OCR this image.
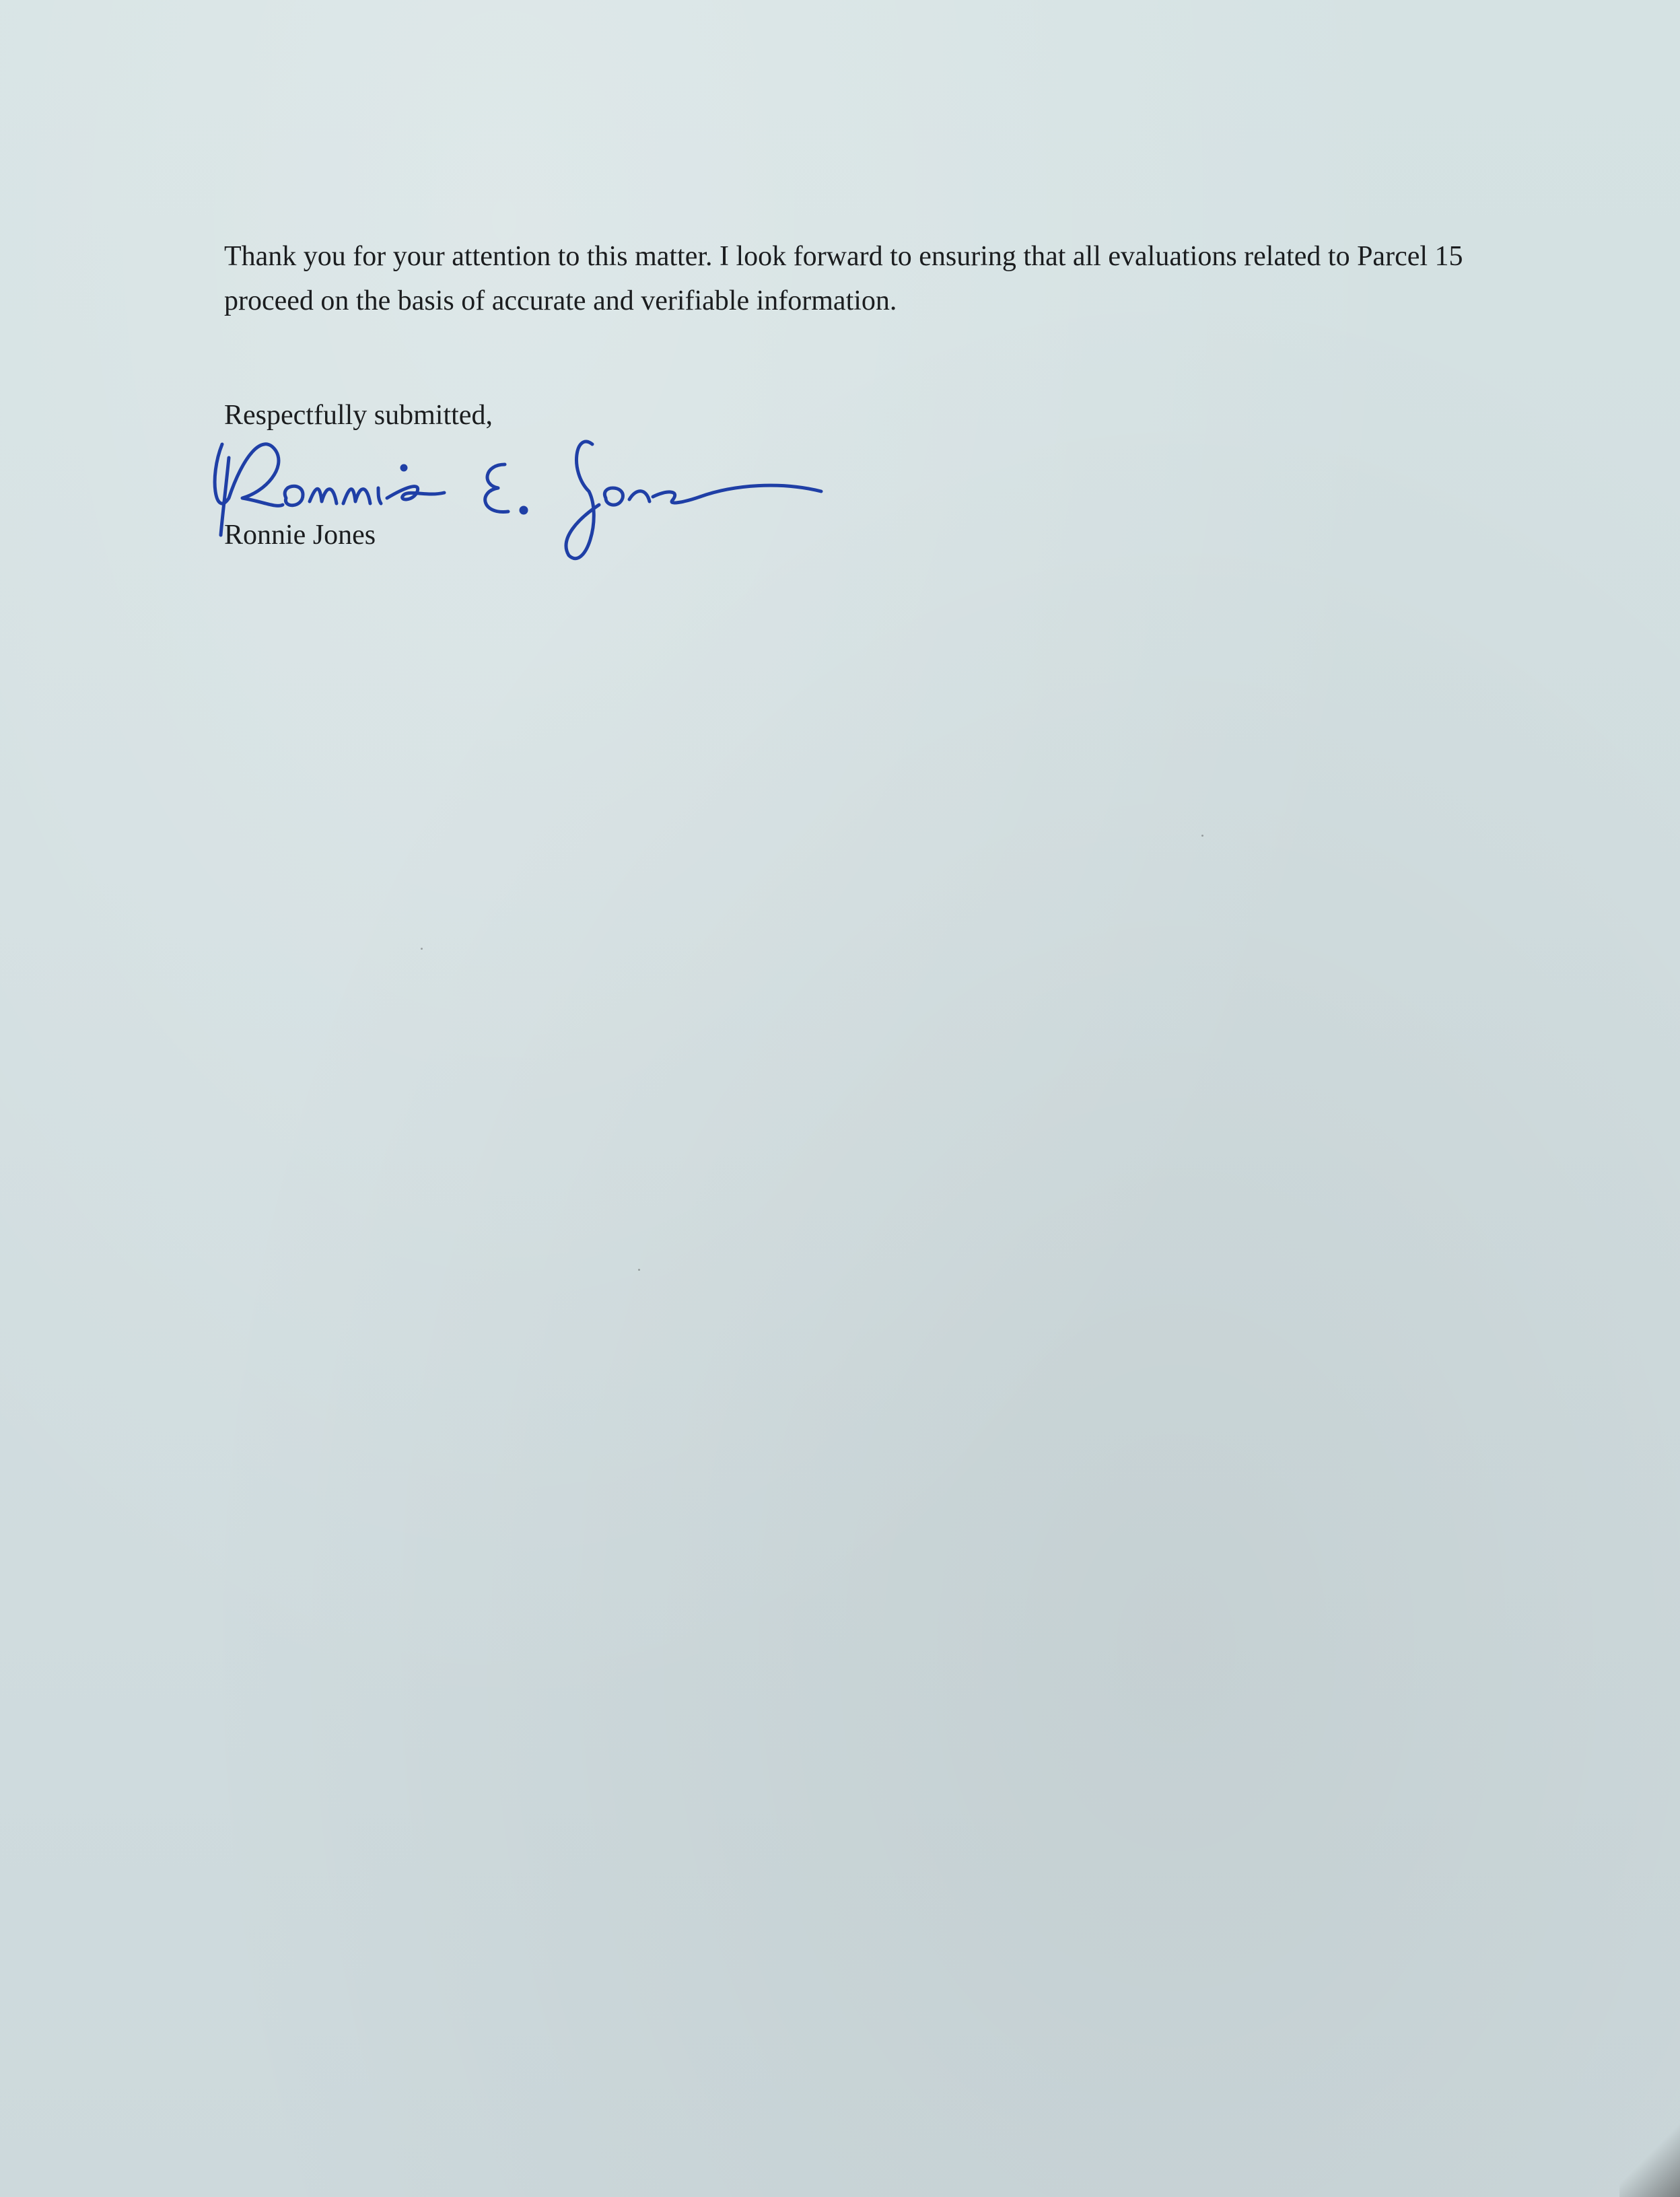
Thank you for your attention to this matter. I look forward to ensuring that all evaluations related to Parcel 15 proceed on the basis of accurate and verifiable information.

Respectfully submitted,

Ronnie Jones
